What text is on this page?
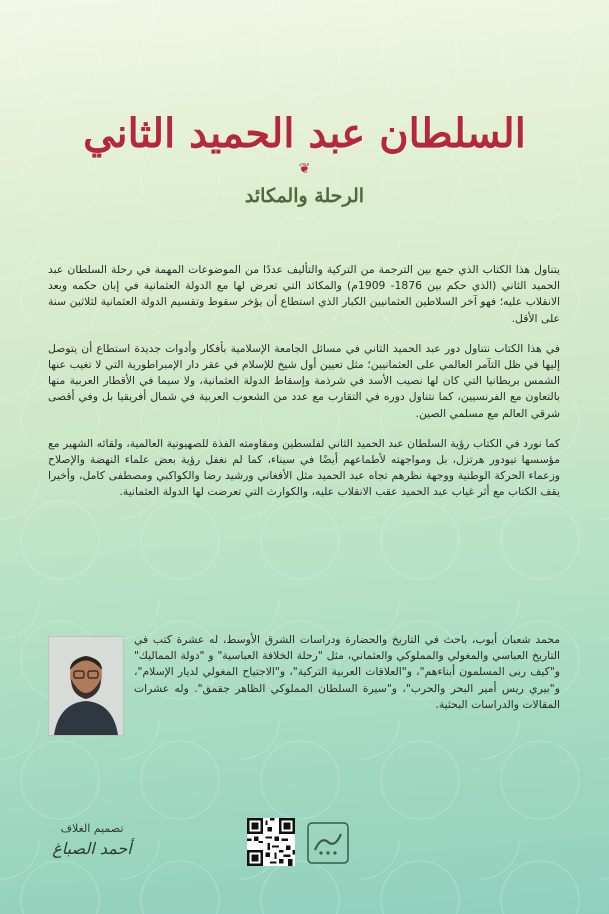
السلطان عبد الحميد الثاني
❦
الرحلة والمكائد

يتناول هذا الكتاب الذي جمع بين الترجمة من التركية والتأليف عددًا من الموضوعات المهمة في رحلة السلطان عبد الحميد الثاني (الذي حكم بين 1876- 1909م) والمكائد التي تعرض لها مع الدولة العثمانية في إبان حكمه وبعد الانقلاب عليه؛ فهو آخر السلاطين العثمانيين الكبار الذي استطاع أن يؤخر سقوط وتقسيم الدولة العثمانية لثلاثين سنة على الأقل.

في هذا الكتاب نتناول دور عبد الحميد الثاني في مسائل الجامعة الإسلامية بأفكار وأدوات جديدة استطاع أن يتوصل إليها في ظل التآمر العالمي على العثمانيين؛ مثل تعيين أول شيخ للإسلام في عقر دار الإمبراطورية التي لا تغيب عنها الشمس بريطانيا التي كان لها نصيب الأسد في شرذمة وإسقاط الدولة العثمانية، ولا سيما في الأقطار العربية منها بالتعاون مع الفرنسيين، كما نتناول دوره في التقارب مع عدد من الشعوب العربية في شمال أفريقيا بل وفي أقصى شرقي العالم مع مسلمي الصين.

كما نورد في الكتاب رؤية السلطان عبد الحميد الثاني لفلسطين ومقاومته الفذة للصهيونية العالمية، ولقائه الشهير مع مؤسسها تيودور هرتزل، بل ومواجهته لأطماعهم أيضًا في سيناء، كما لم نغفل رؤية بعض علماء النهضة والإصلاح وزعماء الحركة الوطنية ووجهة نظرهم تجاه عبد الحميد مثل الأفغاني ورشيد رضا والكواكبي ومصطفى كامل، وأخيرا يقف الكتاب مع أثر غياب عبد الحميد عقب الانقلاب عليه، والكوارث التي تعرضت لها الدولة العثمانية.

محمد شعبان أيوب، باحث في التاريخ والحضارة ودراسات الشرق الأوسط، له عشرة كتب في التاريخ العباسي والمغولي والمملوكي والعثماني، مثل "رحلة الخلافة العباسية" و "دولة المماليك" و"كيف ربى المسلمون أبناءهم"، و"العلاقات العربية التركية"، و"الاجتياح المغولي لديار الإسلام"، و"بيري ريس أمير البحر والحرب"، و"سيرة السلطان المملوكي الظاهر جقمق". وله عشرات المقالات والدراسات البحثية.
تصميم الغلاف
أحمد الصباغ
